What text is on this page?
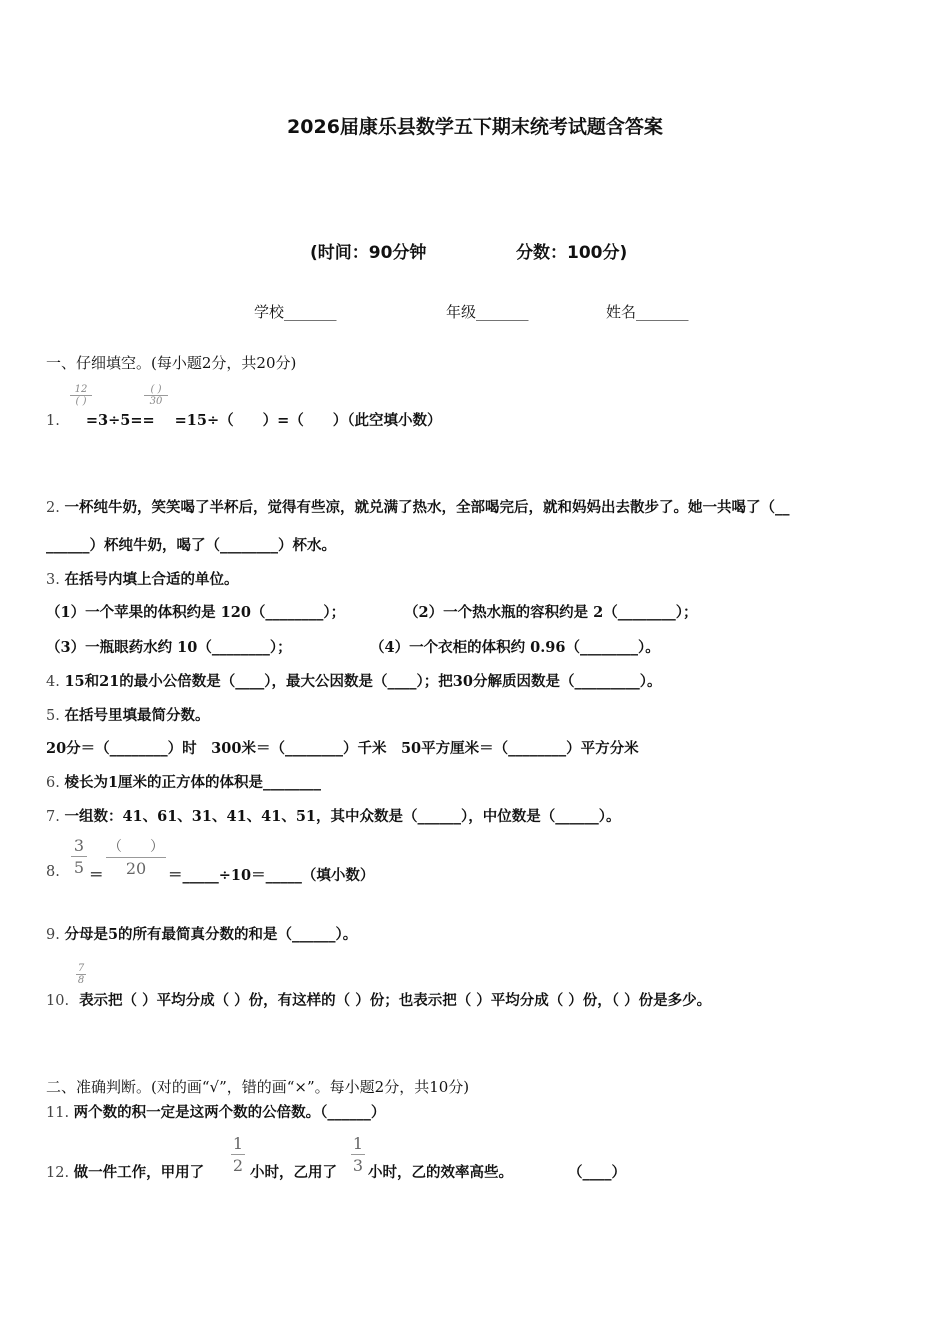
2026届康乐县数学五下期末统考试题含答案
(时间：90分钟	分数：100分)
学校_______	年级_______	姓名_______
一、仔细填空。(每小题2分，共20分)
12
( )
( )
30
1. =3÷5== =15÷（　　）=（　　）（此空填小数）
2. 一杯纯牛奶，笑笑喝了半杯后，觉得有些凉，就兑满了热水，全部喝完后，就和妈妈出去散步了。她一共喝了（__
______）杯纯牛奶，喝了（________）杯水。
3. 在括号内填上合适的单位。
（1）一个苹果的体积约是 120（________）；	（2）一个热水瓶的容积约是 2（________）；
（3）一瓶眼药水约 10（________）；	（4）一个衣柜的体积约 0.96（________）。
4. 15和21的最小公倍数是（____），最大公因数是（____）；把30分解质因数是（_________）。
5. 在括号里填最简分数。
20分＝（________）时　300米＝（________）千米　50平方厘米＝（________）平方分米
6. 棱长为1厘米的正方体的体积是________
7. 一组数：41、61、31、41、41、51，其中众数是（______），中位数是（______）。
3
5
（　　）
20
8. ＝	＝_____÷10＝_____（填小数）
9. 分母是5的所有最简真分数的和是（______）。
7
8
10. 表示把（ ）平均分成（ ）份，有这样的（ ）份；也表示把（ ）平均分成（ ）份，（ ）份是多少。
二、准确判断。(对的画“√”，错的画“×”。每小题2分，共10分)
11. 两个数的积一定是这两个数的公倍数。（______）
1
2
1
3
12. 做一件工作，甲用了	小时，乙用了 小时，乙的效率高些。	（____）
